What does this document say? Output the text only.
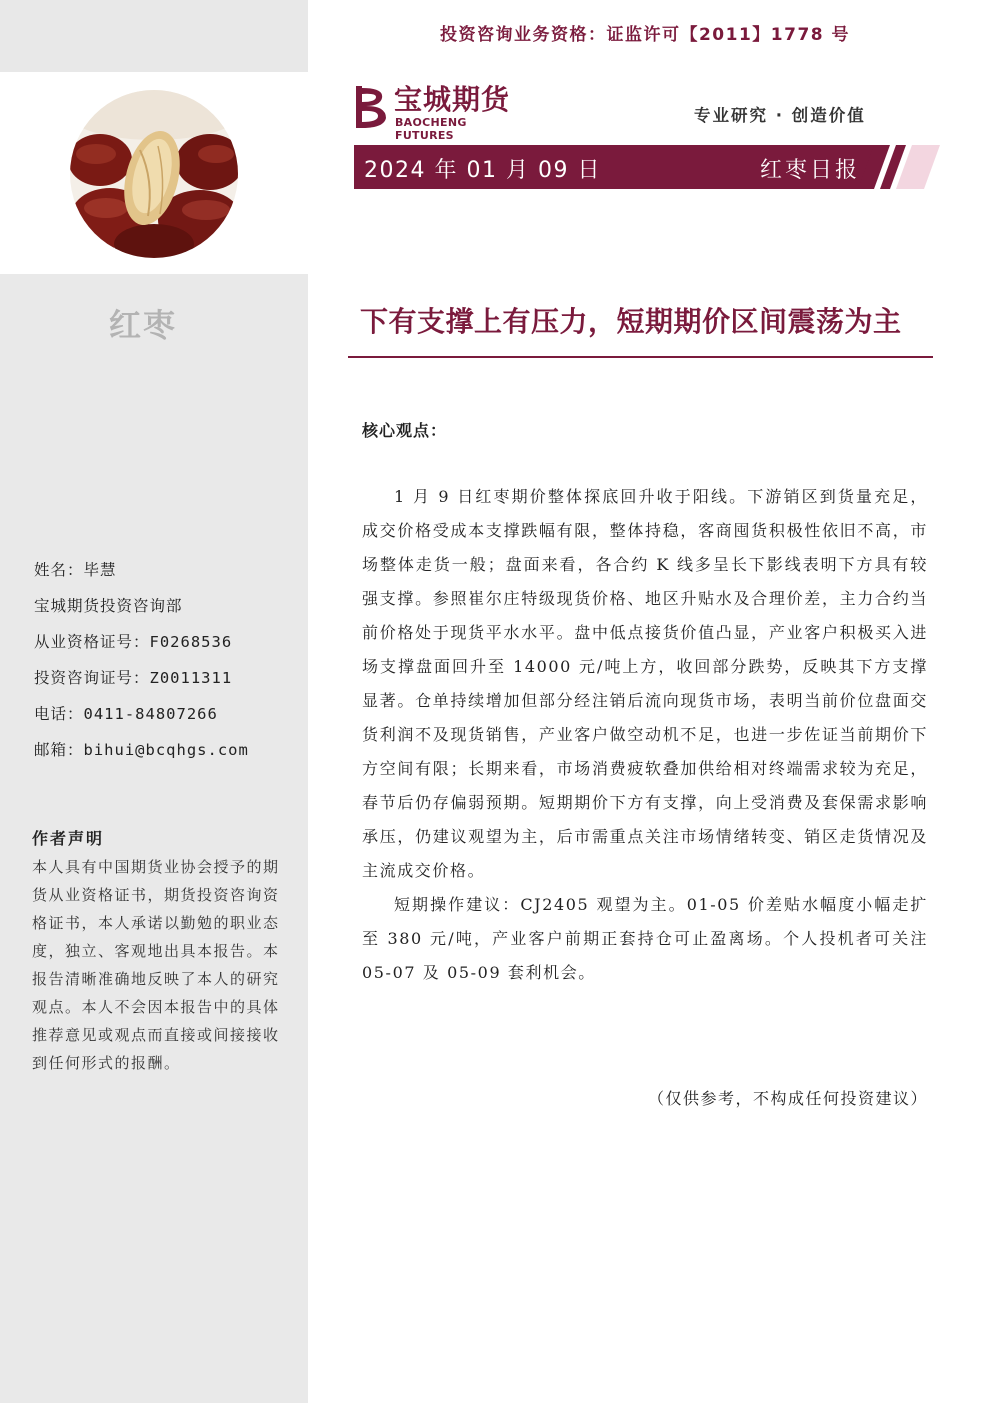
红枣
姓名：毕慧
宝城期货投资咨询部
从业资格证号：F0268536
投资咨询证号：Z0011311
电话：0411-84807266
邮箱：bihui@bcqhgs.com
作者声明
本人具有中国期货业协会授予的期货从业资格证书，期货投资咨询资格证书，本人承诺以勤勉的职业态度，独立、客观地出具本报告。本报告清晰准确地反映了本人的研究观点。本人不会因本报告中的具体推荐意见或观点而直接或间接接收到任何形式的报酬。
投资咨询业务资格：证监许可【2011】1778 号
宝城期货
BAOCHENG FUTURES
专业研究 · 创造价值
2024 年 01 月 09 日	红枣日报
下有支撑上有压力，短期期价区间震荡为主
核心观点：

1 月 9 日红枣期价整体探底回升收于阳线。下游销区到货量充足，成交价格受成本支撑跌幅有限，整体持稳，客商囤货积极性依旧不高，市场整体走货一般；盘面来看，各合约 K 线多呈长下影线表明下方具有较强支撑。参照崔尔庄特级现货价格、地区升贴水及合理价差，主力合约当前价格处于现货平水水平。盘中低点接货价值凸显，产业客户积极买入进场支撑盘面回升至 14000 元/吨上方，收回部分跌势，反映其下方支撑显著。仓单持续增加但部分经注销后流向现货市场，表明当前价位盘面交货利润不及现货销售，产业客户做空动机不足，也进一步佐证当前期价下方空间有限；长期来看，市场消费疲软叠加供给相对终端需求较为充足，春节后仍存偏弱预期。短期期价下方有支撑，向上受消费及套保需求影响承压，仍建议观望为主，后市需重点关注市场情绪转变、销区走货情况及主流成交价格。

短期操作建议：CJ2405 观望为主。01-05 价差贴水幅度小幅走扩至 380 元/吨，产业客户前期正套持仓可止盈离场。个人投机者可关注 05-07 及 05-09 套利机会。

（仅供参考，不构成任何投资建议）
